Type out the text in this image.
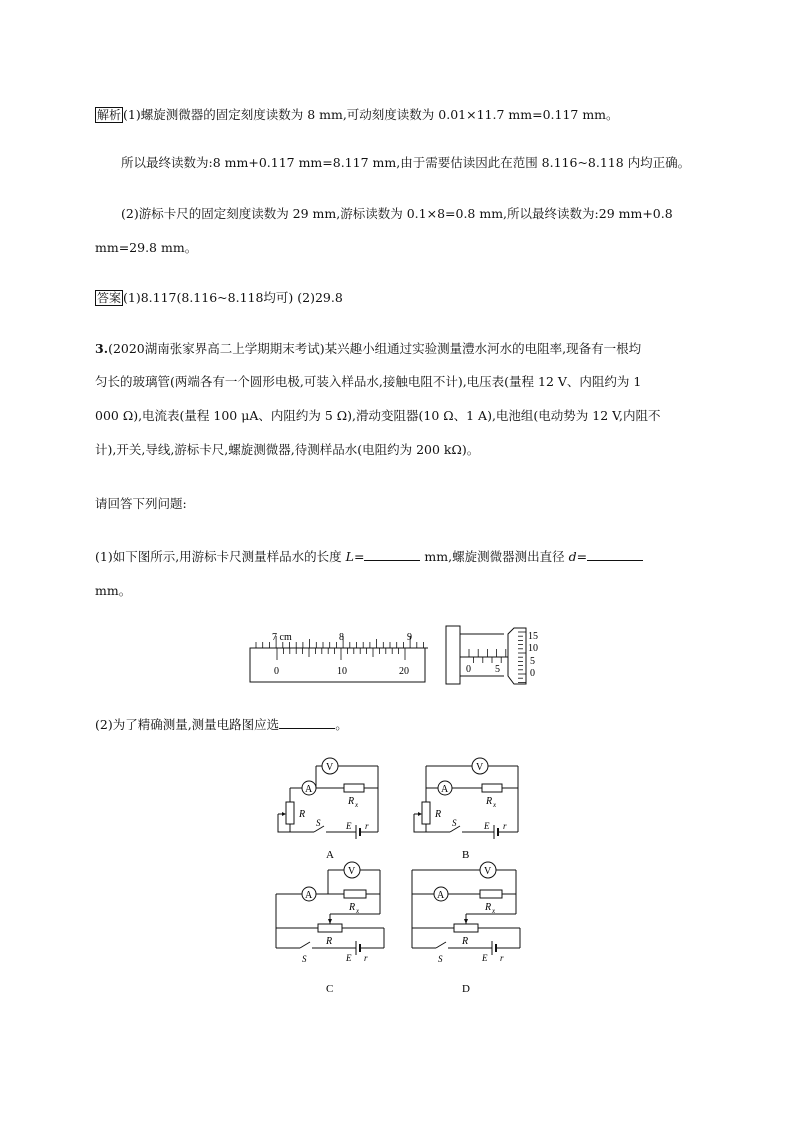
解析 (1)螺旋测微器的固定刻度读数为 8 mm,可动刻度读数为 0.01×11.7 mm=0.117 mm。
所以最终读数为:8 mm+0.117 mm=8.117 mm,由于需要估读因此在范围 8.116~8.118 内均正确。
(2)游标卡尺的固定刻度读数为 29 mm,游标读数为 0.1×8=0.8 mm,所以最终读数为:29 mm+0.8
mm=29.8 mm。
答案 (1)8.117(8.116~8.118均可) (2)29.8
3.(2020湖南张家界高二上学期期末考试)某兴趣小组通过实验测量澧水河水的电阻率,现备有一根均
匀长的玻璃管(两端各有一个圆形电极,可装入样品水,接触电阻不计),电压表(量程 12 V、内阻约为 1
000 Ω),电流表(量程 100 μA、内阻约为 5 Ω),滑动变阻器(10 Ω、1 A),电池组(电动势为 12 V,内阻不
计),开关,导线,游标卡尺,螺旋测微器,待测样品水(电阻约为 200 kΩ)。
请回答下列问题:
(1)如下图所示,用游标卡尺测量样品水的长度 L=	mm,螺旋测微器测出直径 d=
mm。
7 cm	8	9
0	10	20	0 5
15
10
5
0
(2)为了精确测量,测量电路图应选	。
V
A
R x
R
S	E r
A
V
A
R x
R
S	E r
B
V
A
R x
R
S	E r
C
V
A
R x
R
S	E r
D
